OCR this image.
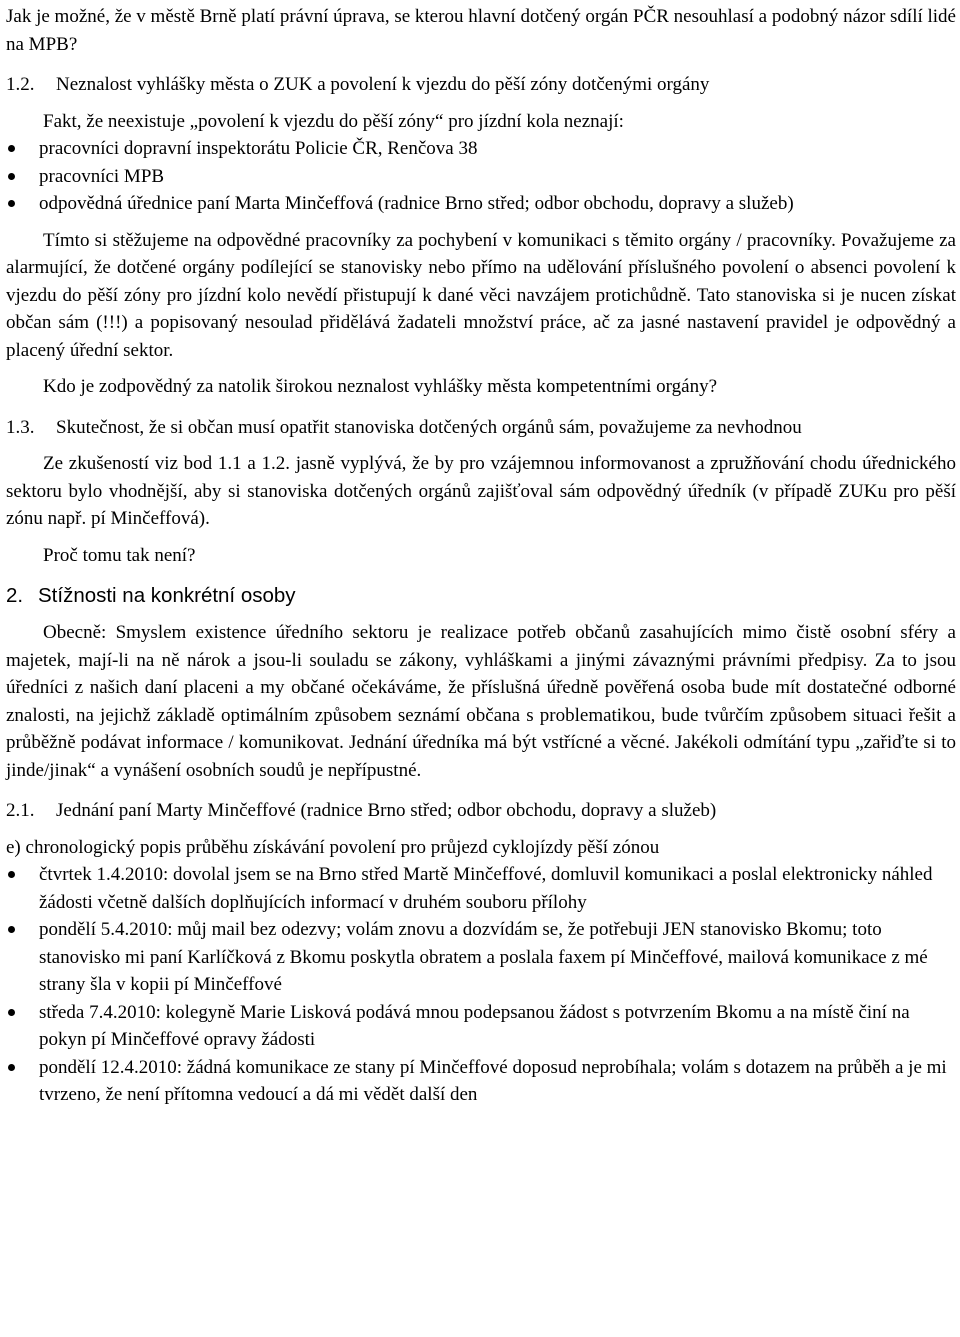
Jak je možné, že v městě Brně platí právní úprava, se kterou hlavní dotčený orgán PČR nesouhlasí a podobný názor sdílí lidé na MPB?

1.2. Neznalost vyhlášky města o ZUK a povolení k vjezdu do pěší zóny dotčenými orgány

Fakt, že neexistuje „povolení k vjezdu do pěší zóny“ pro jízdní kola neznají:

pracovníci dopravní inspektorátu Policie ČR, Renčova 38
pracovníci MPB
odpovědná úřednice paní Marta Minčeffová (radnice Brno střed; odbor obchodu, dopravy a služeb)

Tímto si stěžujeme na odpovědné pracovníky za pochybení v komunikaci s těmito orgány / pracovníky. Považujeme za alarmující, že dotčené orgány podílející se stanovisky nebo přímo na udělování příslušného povolení o absenci povolení k vjezdu do pěší zóny pro jízdní kolo nevědí přistupují k dané věci navzájem protichůdně. Tato stanoviska si je nucen získat občan sám (!!!) a popisovaný nesoulad přidělává žadateli množství práce, ač za jasné nastavení pravidel je odpovědný a placený úřední sektor.

Kdo je zodpovědný za natolik širokou neznalost vyhlášky města kompetentními orgány?

1.3. Skutečnost, že si občan musí opatřit stanoviska dotčených orgánů sám, považujeme za nevhodnou

Ze zkušeností viz bod 1.1 a 1.2. jasně vyplývá, že by pro vzájemnou informovanost a zpružňování chodu úřednického sektoru bylo vhodnější, aby si stanoviska dotčených orgánů zajišťoval sám odpovědný úředník (v případě ZUKu pro pěší zónu např. pí Minčeffová).

Proč tomu tak není?

2. Stížnosti na konkrétní osoby

Obecně: Smyslem existence úředního sektoru je realizace potřeb občanů zasahujících mimo čistě osobní sféry a majetek, mají-li na ně nárok a jsou-li souladu se zákony, vyhláškami a jinými závaznými právními předpisy. Za to jsou úředníci z našich daní placeni a my občané očekáváme, že příslušná úředně pověřená osoba bude mít dostatečné odborné znalosti, na jejichž základě optimálním způsobem seznámí občana s problematikou, bude tvůrčím způsobem situaci řešit a průběžně podávat informace / komunikovat. Jednání úředníka má být vstřícné a věcné. Jakékoli odmítání typu „zařiďte si to jinde/jinak“ a vynášení osobních soudů je nepřípustné.

2.1. Jednání paní Marty Minčeffové (radnice Brno střed; odbor obchodu, dopravy a služeb)

e) chronologický popis průběhu získávání povolení pro průjezd cyklojízdy pěší zónou

čtvrtek 1.4.2010: dovolal jsem se na Brno střed Martě Minčeffové, domluvil komunikaci a poslal elektronicky náhled žádosti včetně dalších doplňujících informací v druhém souboru přílohy
pondělí 5.4.2010: můj mail bez odezvy; volám znovu a dozvídám se, že potřebuji JEN stanovisko Bkomu; toto stanovisko mi paní Karlíčková z Bkomu poskytla obratem a poslala faxem pí Minčeffové, mailová komunikace z mé strany šla v kopii pí Minčeffové
středa 7.4.2010: kolegyně Marie Lisková podává mnou podepsanou žádost s potvrzením Bkomu a na místě činí na pokyn pí Minčeffové opravy žádosti
pondělí 12.4.2010: žádná komunikace ze stany pí Minčeffové doposud neprobíhala; volám s dotazem na průběh a je mi tvrzeno, že není přítomna vedoucí a dá mi vědět další den
